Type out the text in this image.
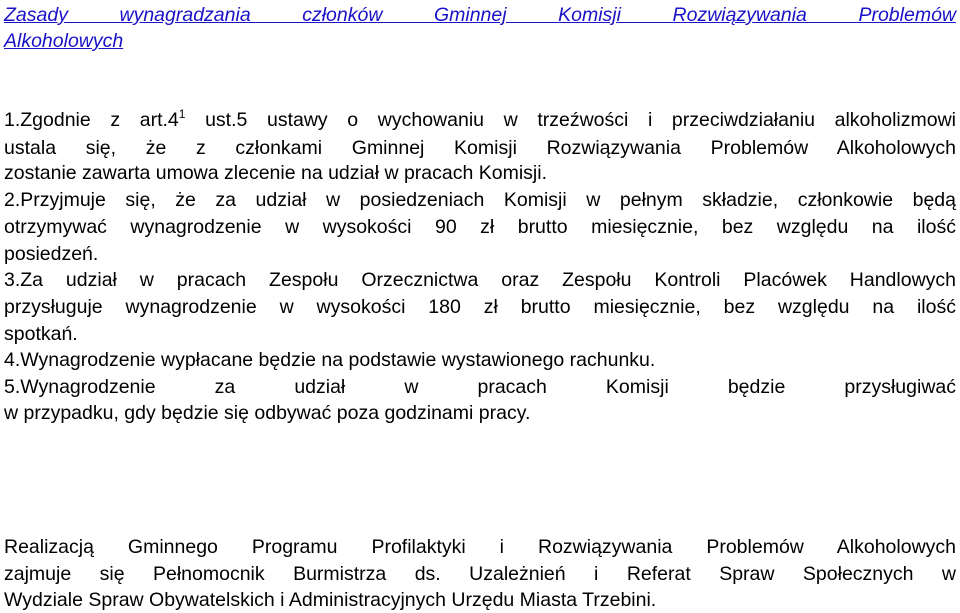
Zasady wynagradzania członków Gminnej Komisji Rozwiązywania Problemów

Alkoholowych

1.Zgodnie z $art.4^1$ ust.5 ustawy o wychowaniu w trzeźwości i przeciwdziałaniu alkoholizmowi

ustala się, że z członkami Gminnej Komisji Rozwiązywania Problemów Alkoholowych

zostanie zawarta umowa zlecenie na udział w pracach Komisji.

2.Przyjmuje się, że za udział w posiedzeniach Komisji w pełnym składzie, członkowie będą

otrzymywać wynagrodzenie w wysokości 90 zł brutto miesięcznie, bez względu na ilość

posiedzeń.

3.Za udział w pracach Zespołu Orzecznictwa oraz Zespołu Kontroli Placówek Handlowych

przysługuje wynagrodzenie w wysokości 180 zł brutto miesięcznie, bez względu na ilość

spotkań.

4.Wynagrodzenie wypłacane będzie na podstawie wystawionego rachunku.

5.Wynagrodzenie za udział w pracach Komisji będzie przysługiwać

w przypadku, gdy będzie się odbywać poza godzinami pracy.

Realizacją Gminnego Programu Profilaktyki i Rozwiązywania Problemów Alkoholowych

zajmuje się Pełnomocnik Burmistrza ds. Uzależnień i Referat Spraw Społecznych w

Wydziale Spraw Obywatelskich i Administracyjnych Urzędu Miasta Trzebini.
